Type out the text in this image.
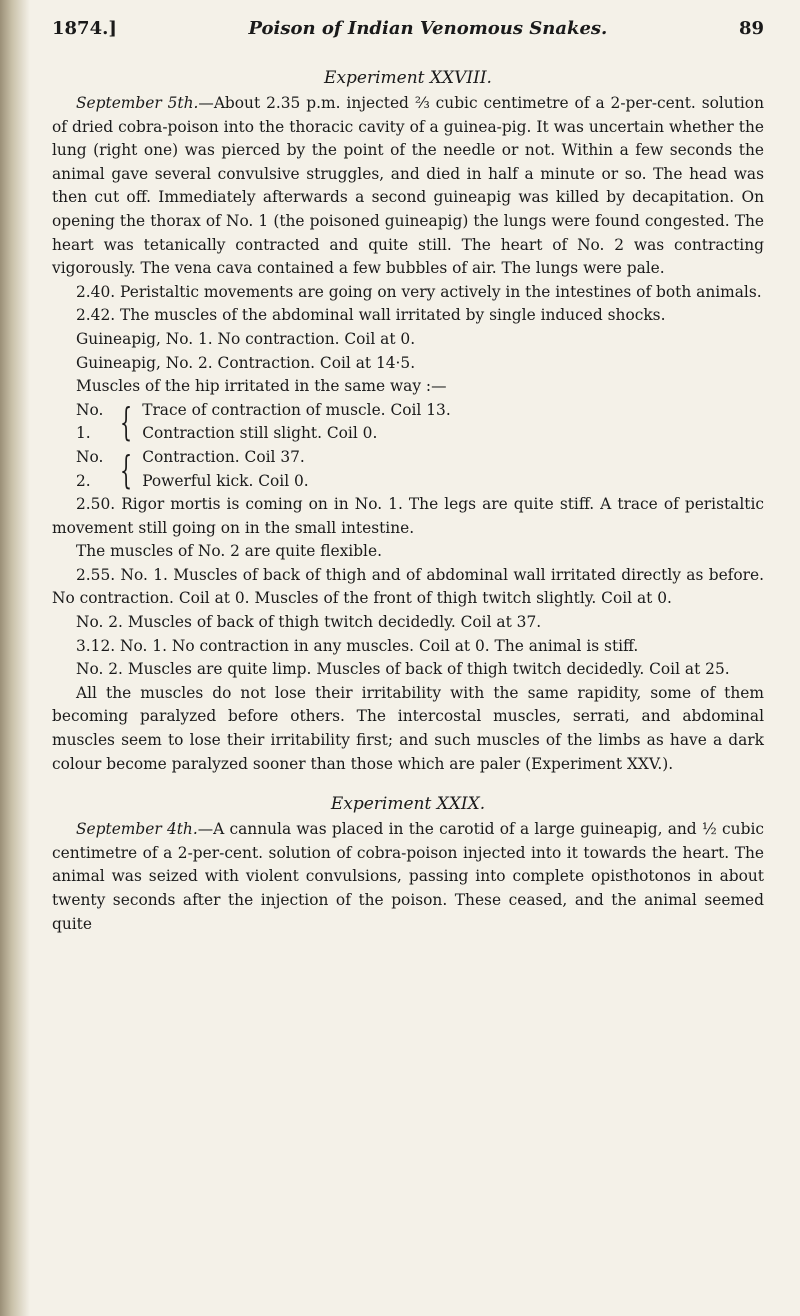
1874.]	Poison of Indian Venomous Snakes.	89
Experiment XXVIII.

September 5th.—About 2.35 p.m. injected ⅔ cubic centimetre of a 2-per-cent. solution of dried cobra-poison into the thoracic cavity of a guinea-pig. It was uncertain whether the lung (right one) was pierced by the point of the needle or not. Within a few seconds the animal gave several convulsive struggles, and died in half a minute or so. The head was then cut off. Immediately afterwards a second guineapig was killed by decapitation. On opening the thorax of No. 1 (the poisoned guineapig) the lungs were found congested. The heart was tetanically contracted and quite still. The heart of No. 2 was contracting vigorously. The vena cava contained a few bubbles of air. The lungs were pale.

2.40. Peristaltic movements are going on very actively in the intestines of both animals.

2.42. The muscles of the abdominal wall irritated by single induced shocks.

Guineapig, No. 1. No contraction. Coil at 0.

Guineapig, No. 2. Contraction. Coil at 14·5.

Muscles of the hip irritated in the same way :—

No. 1. { Trace of contraction of muscle. Coil 13.
Contraction still slight. Coil 0.
No. 2. { Contraction. Coil 37.
Powerful kick. Coil 0.

2.50. Rigor mortis is coming on in No. 1. The legs are quite stiff. A trace of peristaltic movement still going on in the small intestine.

The muscles of No. 2 are quite flexible.

2.55. No. 1. Muscles of back of thigh and of abdominal wall irritated directly as before. No contraction. Coil at 0. Muscles of the front of thigh twitch slightly. Coil at 0.

No. 2. Muscles of back of thigh twitch decidedly. Coil at 37.

3.12. No. 1. No contraction in any muscles. Coil at 0. The animal is stiff.

No. 2. Muscles are quite limp. Muscles of back of thigh twitch decidedly. Coil at 25.

All the muscles do not lose their irritability with the same rapidity, some of them becoming paralyzed before others. The intercostal muscles, serrati, and abdominal muscles seem to lose their irritability first; and such muscles of the limbs as have a dark colour become paralyzed sooner than those which are paler (Experiment XXV.).

Experiment XXIX.

September 4th.—A cannula was placed in the carotid of a large guineapig, and ½ cubic centimetre of a 2-per-cent. solution of cobra-poison injected into it towards the heart. The animal was seized with violent convulsions, passing into complete opisthotonos in about twenty seconds after the injection of the poison. These ceased, and the animal seemed quite
